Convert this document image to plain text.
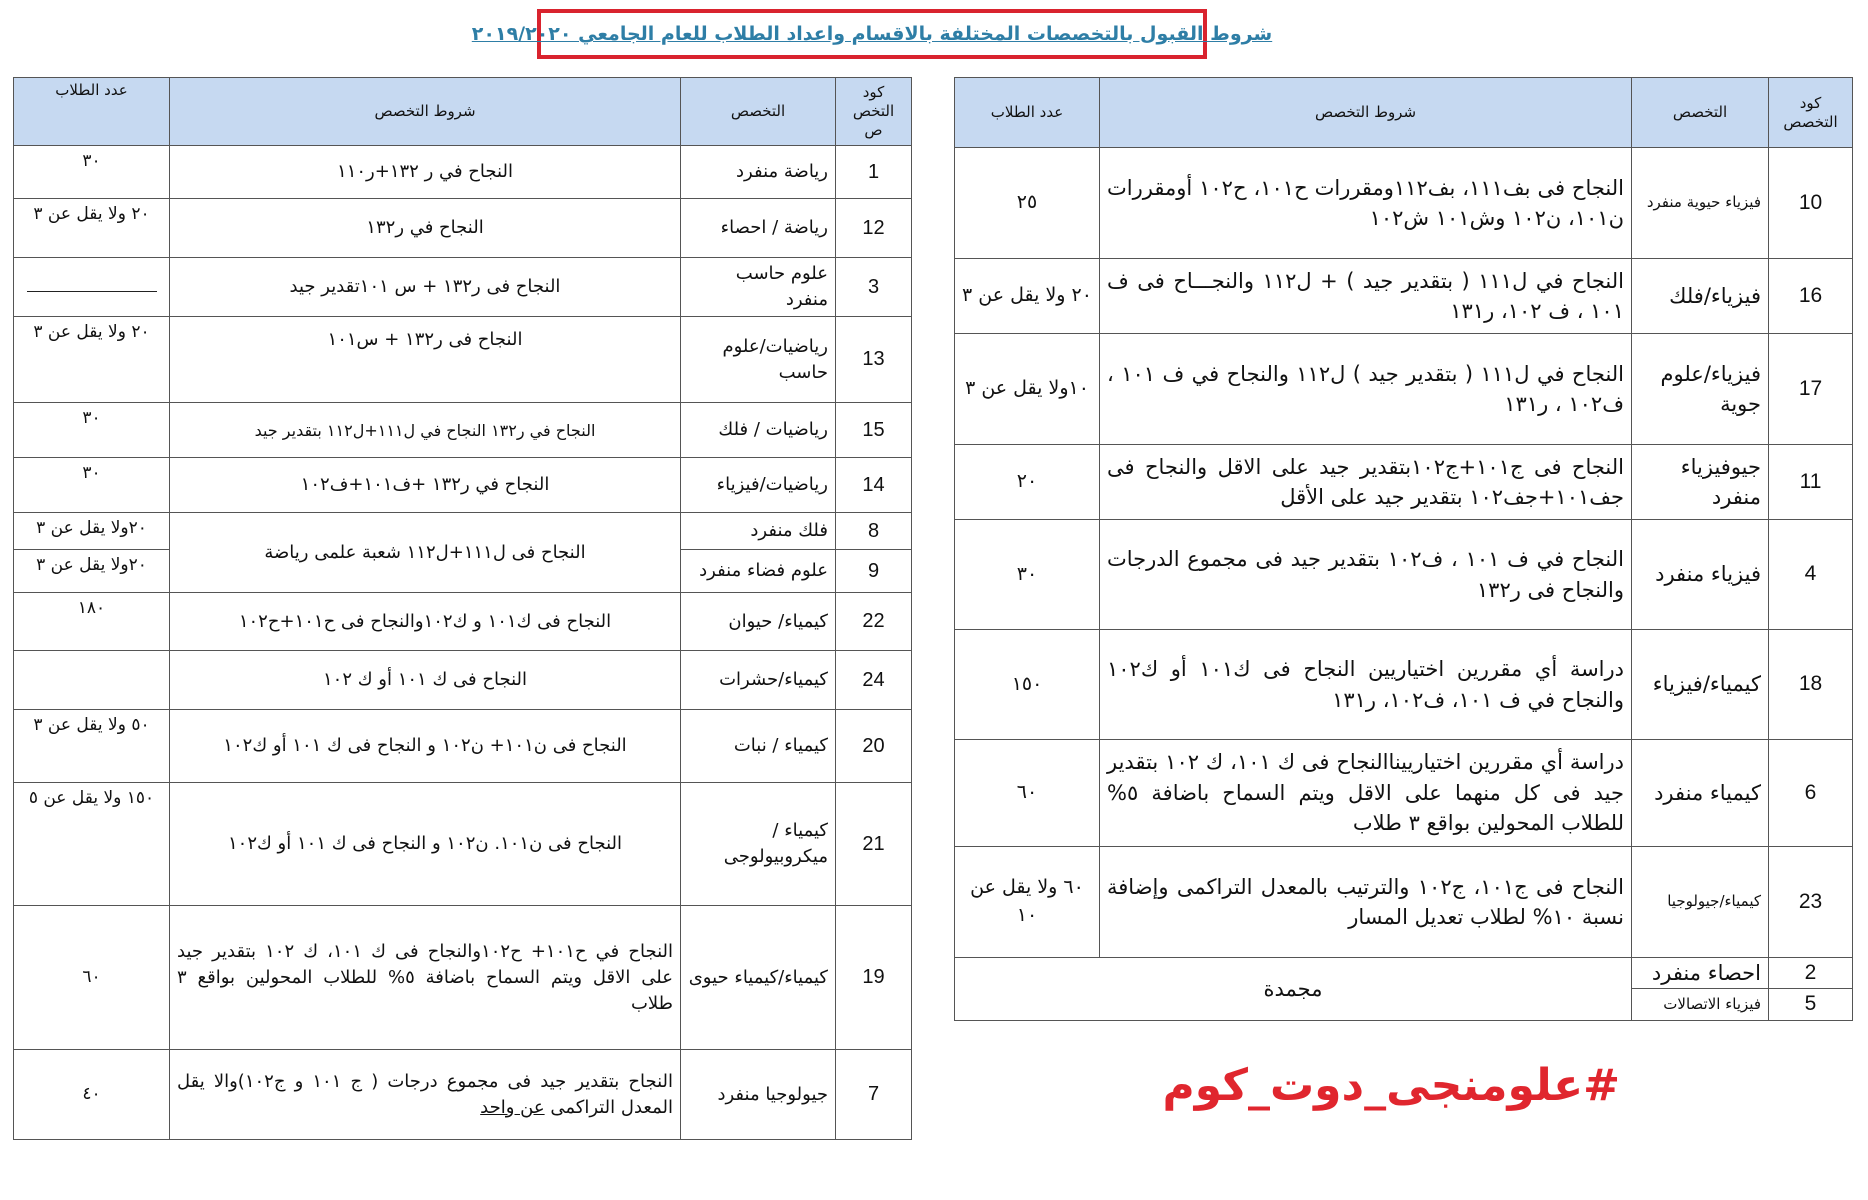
شروط القبول بالتخصصات المختلفة بالاقسام واعداد الطلاب للعام الجامعي ٢٠١٩/٢٠٢٠
كود التخص ص	التخصص	شروط التخصص	عدد الطلاب
1	رياضة منفرد	النجاح في ر ١٣٢+ر١١٠	٣٠
12	رياضة / احصاء	النجاح في ر١٣٢	٢٠ ولا يقل عن ٣
3	علوم حاسب منفرد	النجاح فى ر١٣٢ + س ١٠١تقدير جيد	
13	رياضيات/علوم حاسب	النجاح فى ر١٣٢ + س١٠١	٢٠ ولا يقل عن ٣
15	رياضيات / فلك	النجاح في ر١٣٢ النجاح في ل١١١+ل١١٢ بتقدير جيد	٣٠
14	رياضيات/فيزياء	النجاح في ر١٣٢ +ف١٠١+ف١٠٢	٣٠
8	فلك منفرد	النجاح فى ل١١١+ل١١٢ شعبة علمى رياضة	٢٠ولا يقل عن ٣
9	علوم فضاء منفرد		٢٠ولا يقل عن ٣
22	كيمياء/ حيوان	النجاح فى ك١٠١ و ك١٠٢والنجاح فى ح١٠١+ح١٠٢	١٨٠
24	كيمياء/حشرات	النجاح فى ك ١٠١ أو ك ١٠٢	
20	كيمياء / نبات	النجاح فى ن١٠١+ ن١٠٢ و النجاح فى ك ١٠١ أو ك١٠٢	٥٠ ولا يقل عن ٣
21	كيمياء /ميكروبيولوجى	النجاح فى ن١٠١. ن١٠٢ و النجاح فى ك ١٠١ أو ك١٠٢	١٥٠ ولا يقل عن ٥
19	كيمياء/كيمياء حيوى	النجاح في ح١٠١+ ح١٠٢والنجاح فى ك ١٠١، ك ١٠٢ بتقدير جيد على الاقل ويتم السماح باضافة ٥% للطلاب المحولين بواقع ٣ طلاب	٦٠
7	جيولوجيا منفرد	النجاح بتقدير جيد فى مجموع درجات ( ج ١٠١ و ج١٠٢)والا يقل المعدل التراكمى عن واحد	٤٠
كود التخصص	التخصص	شروط التخصص	عدد الطلاب
10	فيزياء حيوية منفرد	النجاح فى بف١١١، بف١١٢ومقررات ح١٠١، ح١٠٢ أومقررات ن١٠١، ن١٠٢ وش١٠١ ش١٠٢	٢٥
16	فيزياء/فلك	النجاح في ل١١١ ( بتقدير جيد ) + ل١١٢ والنجـــاح فى ف ١٠١ ، ف ١٠٢، ر١٣١	٢٠ ولا يقل عن ٣
17	فيزياء/علوم جوية	النجاح في ل١١١ ( بتقدير جيد ) ل١١٢ والنجاح في ف ١٠١ ، ف١٠٢ ، ر١٣١	١٠ولا يقل عن ٣
11	جيوفيزياء منفرد	النجاح فى ج١٠١+ج١٠٢بتقدير جيد على الاقل والنجاح فى جف١٠١+جف١٠٢ بتقدير جيد على الأقل	٢٠
4	فيزياء منفرد	النجاح في ف ١٠١ ، ف١٠٢ بتقدير جيد فى مجموع الدرجات والنجاح فى ر١٣٢	٣٠
18	كيمياء/فيزياء	دراسة أي مقررين اختياريين النجاح فى ك١٠١ أو ك١٠٢ والنجاح في ف ١٠١، ف١٠٢، ر١٣١	١٥٠
6	كيمياء منفرد	دراسة أي مقررين اختيارييناالنجاح فى ك ١٠١، ك ١٠٢ بتقدير جيد فى كل منهما على الاقل ويتم السماح باضافة ٥% للطلاب المحولين بواقع ٣ طلاب	٦٠
23	كيمياء/جيولوجيا	النجاح فى ج١٠١، ج١٠٢ والترتيب بالمعدل التراكمى وإضافة نسبة ١٠% لطلاب تعديل المسار	٦٠ ولا يقل عن ١٠
2	احصاء منفرد	مجمدة	
5	فيزياء الاتصالات		
#علومنجى_دوت_كوم
